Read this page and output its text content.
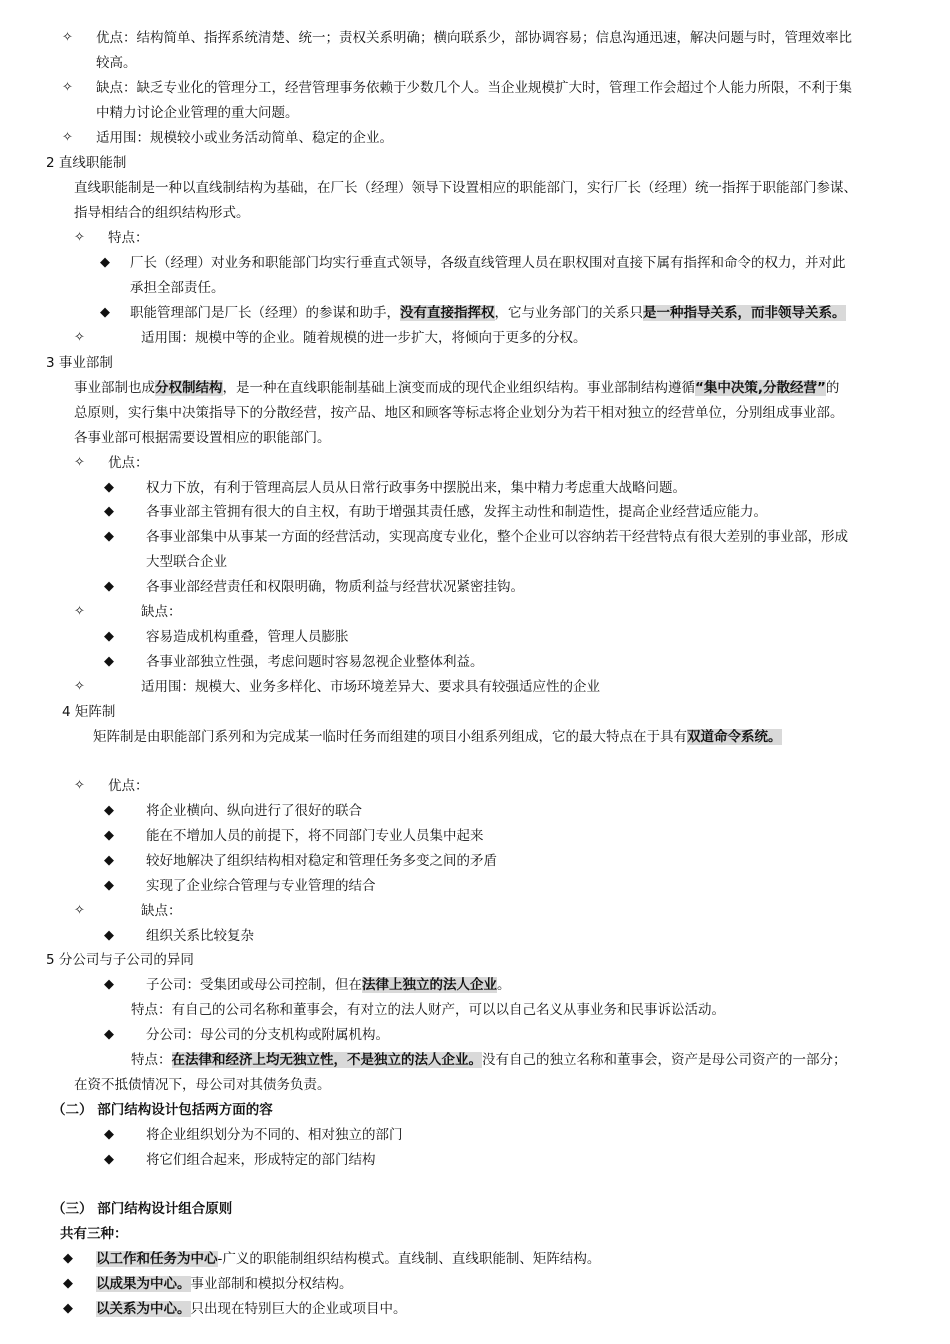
✧ 优点：结构简单、指挥系统清楚、统一；责权关系明确；横向联系少，部协调容易；信息沟通迅速，解决问题与时，管理效率比
较高。
✧ 缺点：缺乏专业化的管理分工，经营管理事务依赖于少数几个人。当企业规模扩大时，管理工作会超过个人能力所限，不利于集
中精力讨论企业管理的重大问题。
✧ 适用围：规模较小或业务活动简单、稳定的企业。
2 直线职能制
直线职能制是一种以直线制结构为基础，在厂长（经理）领导下设置相应的职能部门，实行厂长（经理）统一指挥于职能部门参谋、
指导相结合的组织结构形式。
✧ 特点：
◆ 厂长（经理）对业务和职能部门均实行垂直式领导，各级直线管理人员在职权围对直接下属有指挥和命令的权力，并对此
承担全部责任。
◆ 职能管理部门是厂长（经理）的参谋和助手，没有直接指挥权，它与业务部门的关系只是一种指导关系，而非领导关系。
✧	适用围：规模中等的企业。随着规模的进一步扩大，将倾向于更多的分权。
3 事业部制
事业部制也成分权制结构，是一种在直线职能制基础上演变而成的现代企业组织结构。事业部制结构遵循“集中决策,分散经营”的
总原则，实行集中决策指导下的分散经营，按产品、地区和顾客等标志将企业划分为若干相对独立的经营单位，分别组成事业部。
各事业部可根据需要设置相应的职能部门。
✧ 优点：
◆ 权力下放，有利于管理高层人员从日常行政事务中摆脱出来，集中精力考虑重大战略问题。
◆ 各事业部主管拥有很大的自主权，有助于增强其责任感，发挥主动性和制造性，提高企业经营适应能力。
◆ 各事业部集中从事某一方面的经营活动，实现高度专业化，整个企业可以容纳若干经营特点有很大差别的事业部，形成
大型联合企业
◆ 各事业部经营责任和权限明确，物质利益与经营状况紧密挂钩。
✧	缺点：
◆ 容易造成机构重叠，管理人员膨胀
◆ 各事业部独立性强，考虑问题时容易忽视企业整体利益。
✧	适用围：规模大、业务多样化、市场环境差异大、要求具有较强适应性的企业
4 矩阵制
矩阵制是由职能部门系列和为完成某一临时任务而组建的项目小组系列组成，它的最大特点在于具有双道命令系统。
✧ 优点：
◆ 将企业横向、纵向进行了很好的联合
◆ 能在不增加人员的前提下，将不同部门专业人员集中起来
◆ 较好地解决了组织结构相对稳定和管理任务多变之间的矛盾
◆ 实现了企业综合管理与专业管理的结合
✧	缺点：
◆ 组织关系比较复杂
5 分公司与子公司的异同
◆ 子公司：受集团或母公司控制，但在法律上独立的法人企业。
特点：有自己的公司名称和董事会，有对立的法人财产，可以以自己名义从事业务和民事诉讼活动。
◆ 分公司：母公司的分支机构或附属机构。
特点：在法律和经济上均无独立性，不是独立的法人企业。没有自己的独立名称和董事会，资产是母公司资产的一部分；
在资不抵债情况下，母公司对其债务负责。
（二） 部门结构设计包括两方面的容
◆ 将企业组织划分为不同的、相对独立的部门
◆ 将它们组合起来，形成特定的部门结构
（三） 部门结构设计组合原则
共有三种：
◆ 以工作和任务为中心-广义的职能制组织结构模式。直线制、直线职能制、矩阵结构。
◆ 以成果为中心。事业部制和模拟分权结构。
◆ 以关系为中心。只出现在特别巨大的企业或项目中。
